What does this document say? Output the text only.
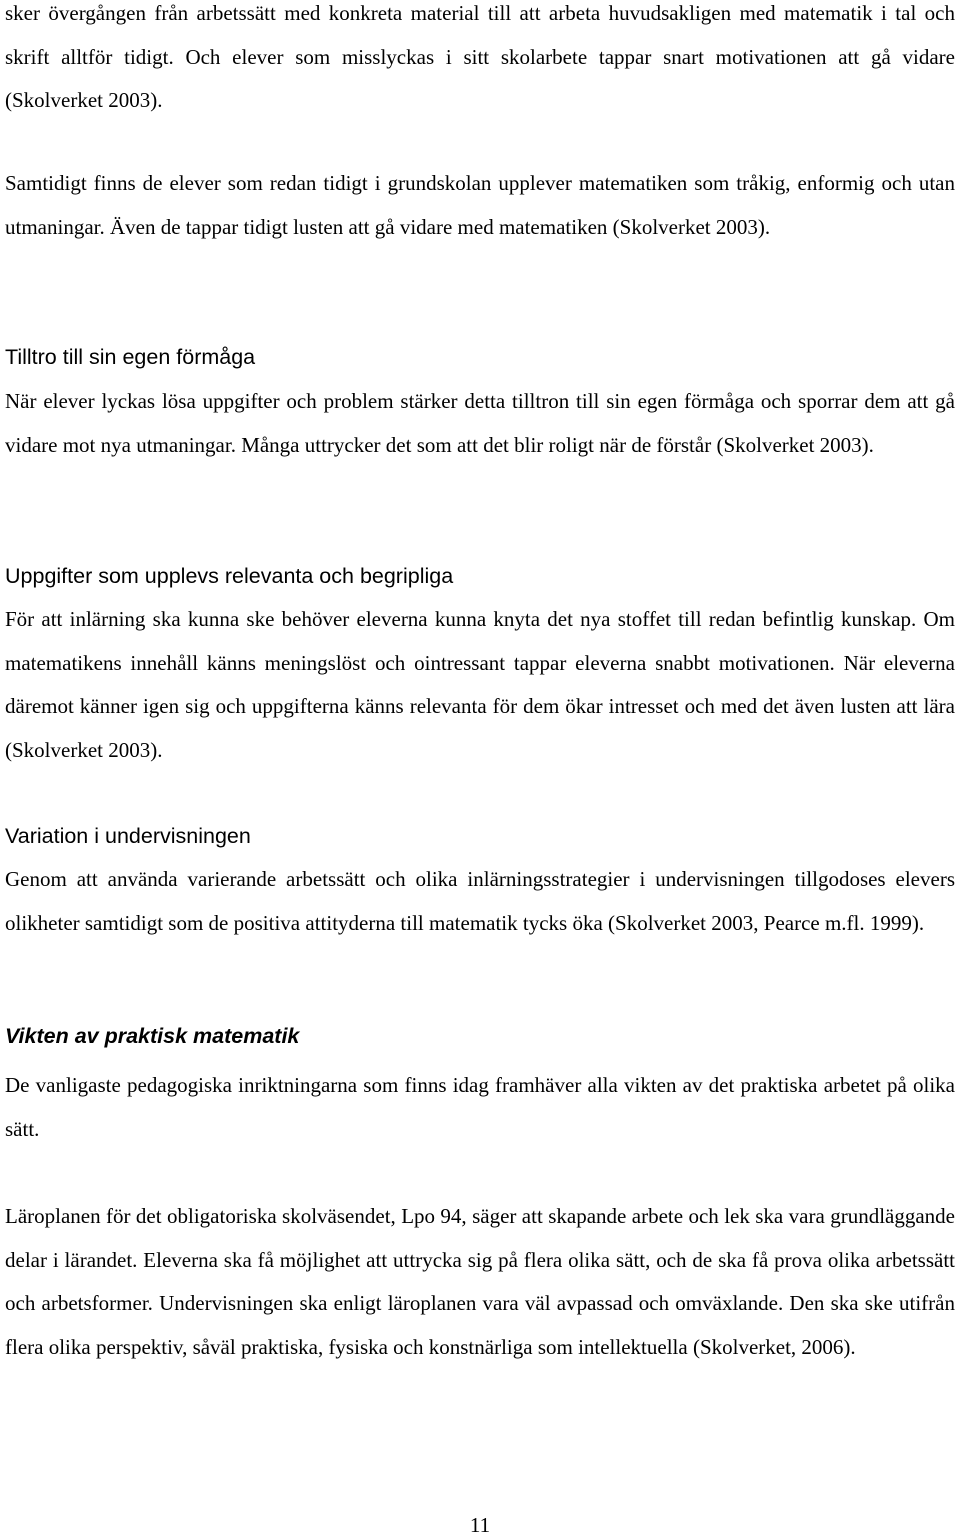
sker övergången från arbetssätt med konkreta material till att arbeta huvudsakligen med matematik i tal och skrift alltför tidigt. Och elever som misslyckas i sitt skolarbete tappar snart motivationen att gå vidare (Skolverket 2003).

Samtidigt finns de elever som redan tidigt i grundskolan upplever matematiken som tråkig, enformig och utan utmaningar. Även de tappar tidigt lusten att gå vidare med matematiken (Skolverket 2003).

Tilltro till sin egen förmåga

När elever lyckas lösa uppgifter och problem stärker detta tilltron till sin egen förmåga och sporrar dem att gå vidare mot nya utmaningar. Många uttrycker det som att det blir roligt när de förstår (Skolverket 2003).

Uppgifter som upplevs relevanta och begripliga

För att inlärning ska kunna ske behöver eleverna kunna knyta det nya stoffet till redan befintlig kunskap. Om matematikens innehåll känns meningslöst och ointressant tappar eleverna snabbt motivationen. När eleverna däremot känner igen sig och uppgifterna känns relevanta för dem ökar intresset och med det även lusten att lära (Skolverket 2003).

Variation i undervisningen

Genom att använda varierande arbetssätt och olika inlärningsstrategier i undervisningen tillgodoses elevers olikheter samtidigt som de positiva attityderna till matematik tycks öka (Skolverket 2003, Pearce m.fl. 1999).

Vikten av praktisk matematik

De vanligaste pedagogiska inriktningarna som finns idag framhäver alla vikten av det praktiska arbetet på olika sätt.

Läroplanen för det obligatoriska skolväsendet, Lpo 94, säger att skapande arbete och lek ska vara grundläggande delar i lärandet. Eleverna ska få möjlighet att uttrycka sig på flera olika sätt, och de ska få prova olika arbetssätt och arbetsformer. Undervisningen ska enligt läroplanen vara väl avpassad och omväxlande. Den ska ske utifrån flera olika perspektiv, såväl praktiska, fysiska och konstnärliga som intellektuella (Skolverket, 2006).

11
